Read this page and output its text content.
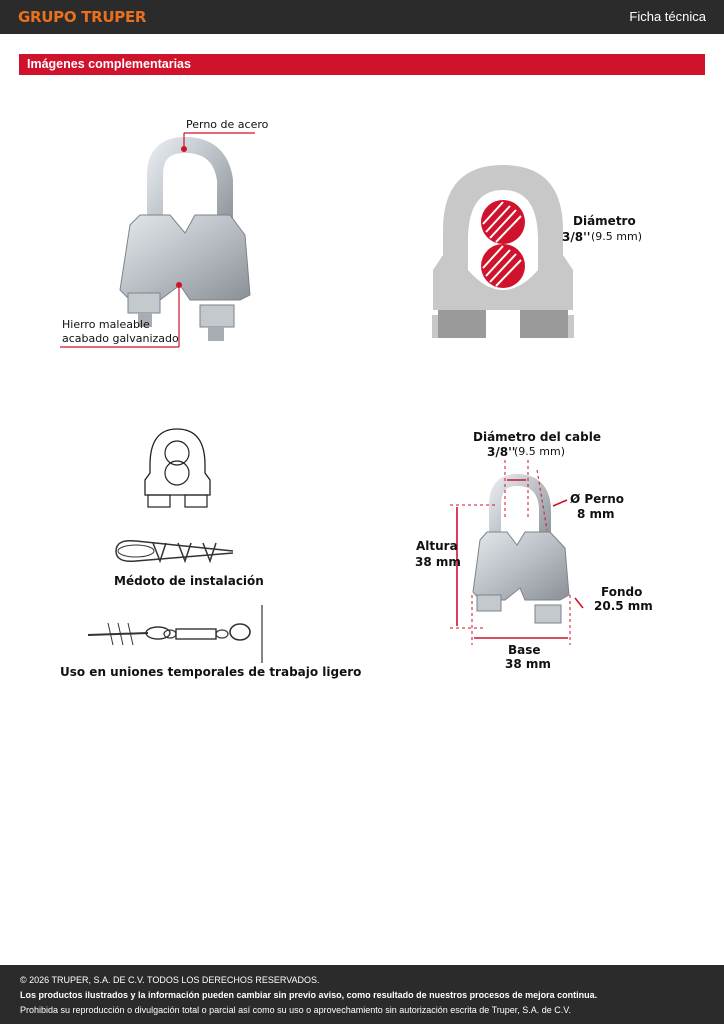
GRUPO TRUPER	Ficha técnica
Imágenes complementarias
Perno de acero
Hierro maleable
acabado galvanizado
Diámetro
3/8'' (9.5 mm)
Médoto de instalación
Uso en uniones temporales de trabajo ligero
Diámetro del cable
3/8''
(9.5 mm)
Ø Perno
8 mm
Altura
38 mm
Fondo
20.5 mm
Base
38 mm
© 2026 TRUPER, S.A. DE C.V. TODOS LOS DERECHOS RESERVADOS.
Los productos ilustrados y la información pueden cambiar sin previo aviso, como resultado de nuestros procesos de mejora continua.
Prohibida su reproducción o divulgación total o parcial así como su uso o aprovechamiento sin autorización escrita de Truper, S.A. de C.V.
